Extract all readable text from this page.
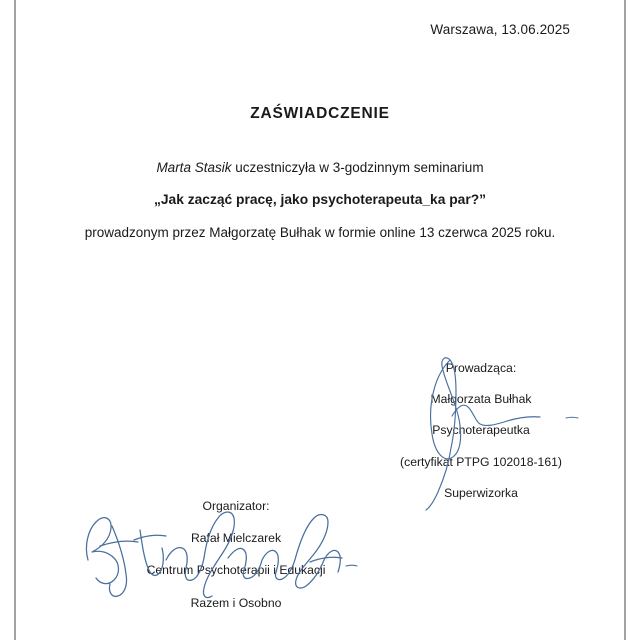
Warszawa, 13.06.2025
ZAŚWIADCZENIE
Marta Stasik uczestniczyła w 3-godzinnym seminarium
„Jak zacząć pracę, jako psychoterapeuta_ka par?”
prowadzonym przez Małgorzatę Bułhak w formie online 13 czerwca 2025 roku.
Prowadząca:
Małgorzata Bułhak
Psychoterapeutka
(certyfikat PTPG 102018-161)
Superwizorka
Organizator:
Rafał Mielczarek
Centrum Psychoterapii i Edukacji
Razem i Osobno
